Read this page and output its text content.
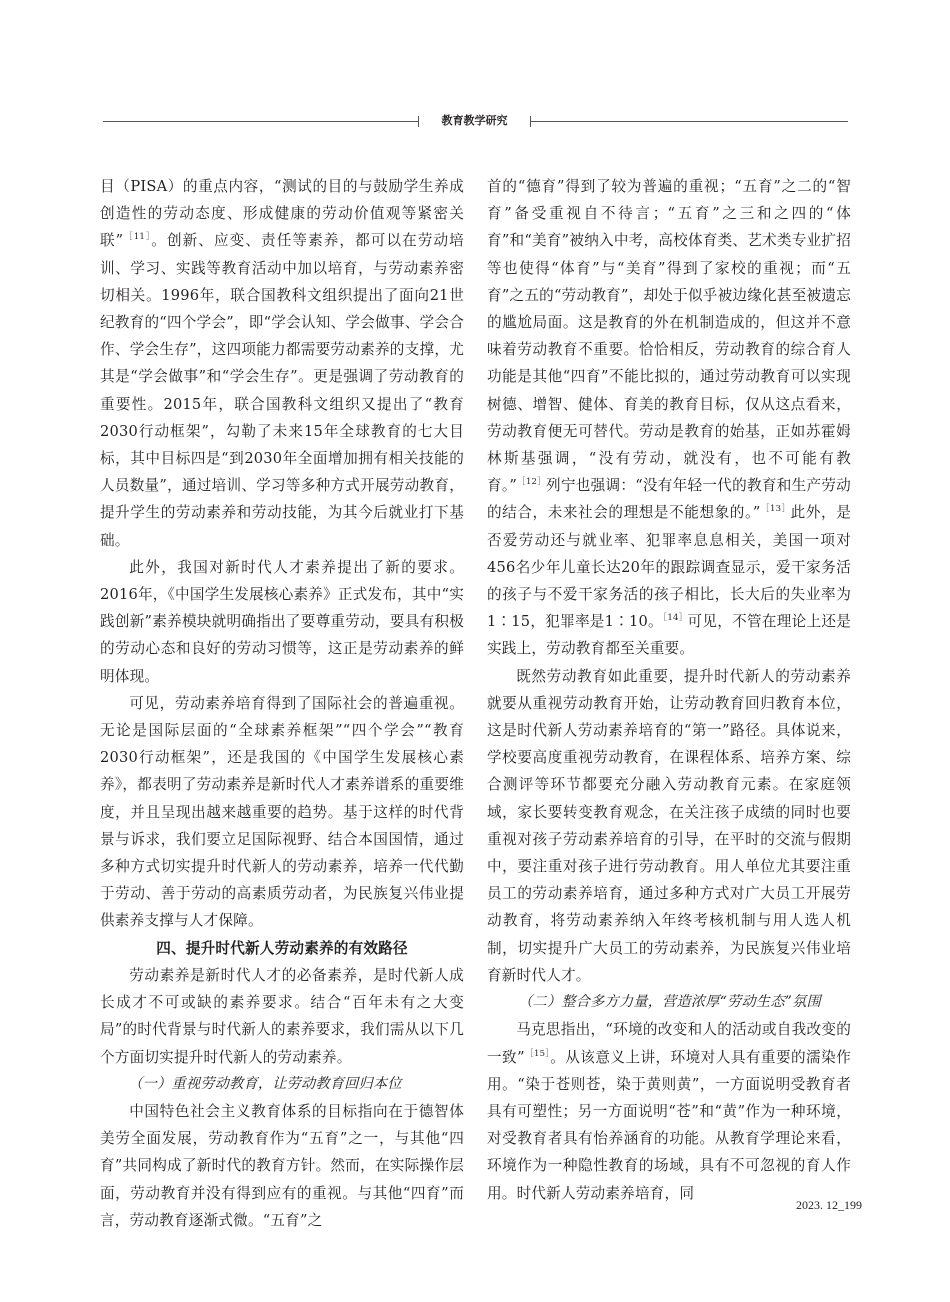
教育教学研究

目（PISA）的重点内容，“测试的目的与鼓励学生养成创造性的劳动态度、形成健康的劳动价值观等紧密关联”$^{[11]}$。创新、应变、责任等素养，都可以在劳动培训、学习、实践等教育活动中加以培育，与劳动素养密切相关。1996年，联合国教科文组织提出了面向21世纪教育的“四个学会”，即“学会认知、学会做事、学会合作、学会生存”，这四项能力都需要劳动素养的支撑，尤其是“学会做事”和“学会生存”。更是强调了劳动教育的重要性。2015年，联合国教科文组织又提出了“教育2030行动框架”，勾勒了未来15年全球教育的七大目标，其中目标四是“到2030年全面增加拥有相关技能的人员数量”，通过培训、学习等多种方式开展劳动教育，提升学生的劳动素养和劳动技能，为其今后就业打下基础。

此外，我国对新时代人才素养提出了新的要求。2016年，《中国学生发展核心素养》正式发布，其中“实践创新”素养模块就明确指出了要尊重劳动，要具有积极的劳动心态和良好的劳动习惯等，这正是劳动素养的鲜明体现。

可见，劳动素养培育得到了国际社会的普遍重视。无论是国际层面的“全球素养框架”“四个学会”“教育2030行动框架”，还是我国的《中国学生发展核心素养》，都表明了劳动素养是新时代人才素养谱系的重要维度，并且呈现出越来越重要的趋势。基于这样的时代背景与诉求，我们要立足国际视野、结合本国国情，通过多种方式切实提升时代新人的劳动素养，培养一代代勤于劳动、善于劳动的高素质劳动者，为民族复兴伟业提供素养支撑与人才保障。

四、提升时代新人劳动素养的有效路径

劳动素养是新时代人才的必备素养，是时代新人成长成才不可或缺的素养要求。结合“百年未有之大变局”的时代背景与时代新人的素养要求，我们需从以下几个方面切实提升时代新人的劳动素养。

（一）重视劳动教育，让劳动教育回归本位

中国特色社会主义教育体系的目标指向在于德智体美劳全面发展，劳动教育作为“五育”之一，与其他“四育”共同构成了新时代的教育方针。然而，在实际操作层面，劳动教育并没有得到应有的重视。与其他“四育”而言，劳动教育逐渐式微。“五育”之

首的“德育”得到了较为普遍的重视；“五育”之二的“智育”备受重视自不待言；“五育”之三和之四的“体育”和“美育”被纳入中考，高校体育类、艺术类专业扩招等也使得“体育”与“美育”得到了家校的重视；而“五育”之五的“劳动教育”，却处于似乎被边缘化甚至被遗忘的尴尬局面。这是教育的外在机制造成的，但这并不意味着劳动教育不重要。恰恰相反，劳动教育的综合育人功能是其他“四育”不能比拟的，通过劳动教育可以实现树德、增智、健体、育美的教育目标，仅从这点看来，劳动教育便无可替代。劳动是教育的始基，正如苏霍姆林斯基强调，“没有劳动，就没有，也不可能有教育。”$^{[12]}$列宁也强调：“没有年轻一代的教育和生产劳动的结合，未来社会的理想是不能想象的。”$^{[13]}$此外，是否爱劳动还与就业率、犯罪率息息相关，美国一项对456名少年儿童长达20年的跟踪调查显示，爱干家务活的孩子与不爱干家务活的孩子相比，长大后的失业率为1∶15，犯罪率是1∶10。$^{[14]}$可见，不管在理论上还是实践上，劳动教育都至关重要。

既然劳动教育如此重要，提升时代新人的劳动素养就要从重视劳动教育开始，让劳动教育回归教育本位，这是时代新人劳动素养培育的“第一”路径。具体说来，学校要高度重视劳动教育，在课程体系、培养方案、综合测评等环节都要充分融入劳动教育元素。在家庭领域，家长要转变教育观念，在关注孩子成绩的同时也要重视对孩子劳动素养培育的引导，在平时的交流与假期中，要注重对孩子进行劳动教育。用人单位尤其要注重员工的劳动素养培育，通过多种方式对广大员工开展劳动教育，将劳动素养纳入年终考核机制与用人选人机制，切实提升广大员工的劳动素养，为民族复兴伟业培育新时代人才。

（二）整合多方力量，营造浓厚“劳动生态”氛围

马克思指出，“环境的改变和人的活动或自我改变的一致”$^{[15]}$。从该意义上讲，环境对人具有重要的濡染作用。“染于苍则苍，染于黄则黄”，一方面说明受教育者具有可塑性；另一方面说明“苍”和“黄”作为一种环境，对受教育者具有怡养涵育的功能。从教育学理论来看，环境作为一种隐性教育的场域，具有不可忽视的育人作用。时代新人劳动素养培育，同

2023. 12_199
